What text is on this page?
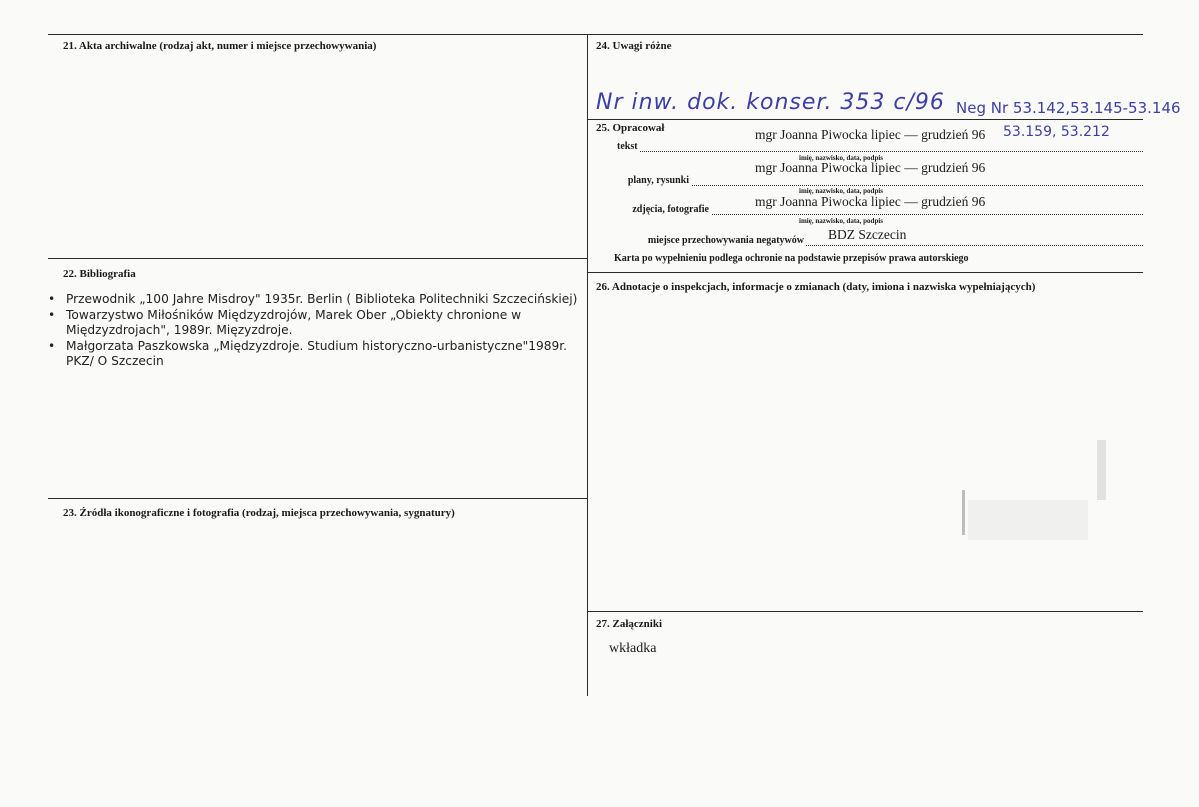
21. Akta archiwalne (rodzaj akt, numer i miejsce przechowywania)
22. Bibliografia
• Przewodnik „100 Jahre Misdroy" 1935r. Berlin ( Biblioteka Politechniki Szczecińskiej)
• Towarzystwo Miłośników Międzyzdrojów, Marek Ober „Obiekty chronione w Międzyzdrojach", 1989r. Mięzyzdroje.
• Małgorzata Paszkowska „Międzyzdroje. Studium historyczno-urbanistyczne"1989r. PKZ/ O Szczecin
23. Źródła ikonograficzne i fotografia (rodzaj, miejsca przechowywania, sygnatury)
24. Uwagi różne
Nr inw. dok. konser. 353 c/96 Neg Nr 53.142,53.145-53.146
53.159, 53.212
25. Opracował	mgr Joanna Piwocka lipiec — grudzień 96
tekst
imię, nazwisko, data, podpis
mgr Joanna Piwocka lipiec — grudzień 96
plany, rysunki
imię, nazwisko, data, podpis
mgr Joanna Piwocka lipiec — grudzień 96
zdjęcia, fotografie
imię, nazwisko, data, podpis
BDZ Szczecin
miejsce przechowywania negatywów
Karta po wypełnieniu podlega ochronie na podstawie przepisów prawa autorskiego
26. Adnotacje o inspekcjach, informacje o zmianach (daty, imiona i nazwiska wypełniających)
27. Załączniki
wkładka
